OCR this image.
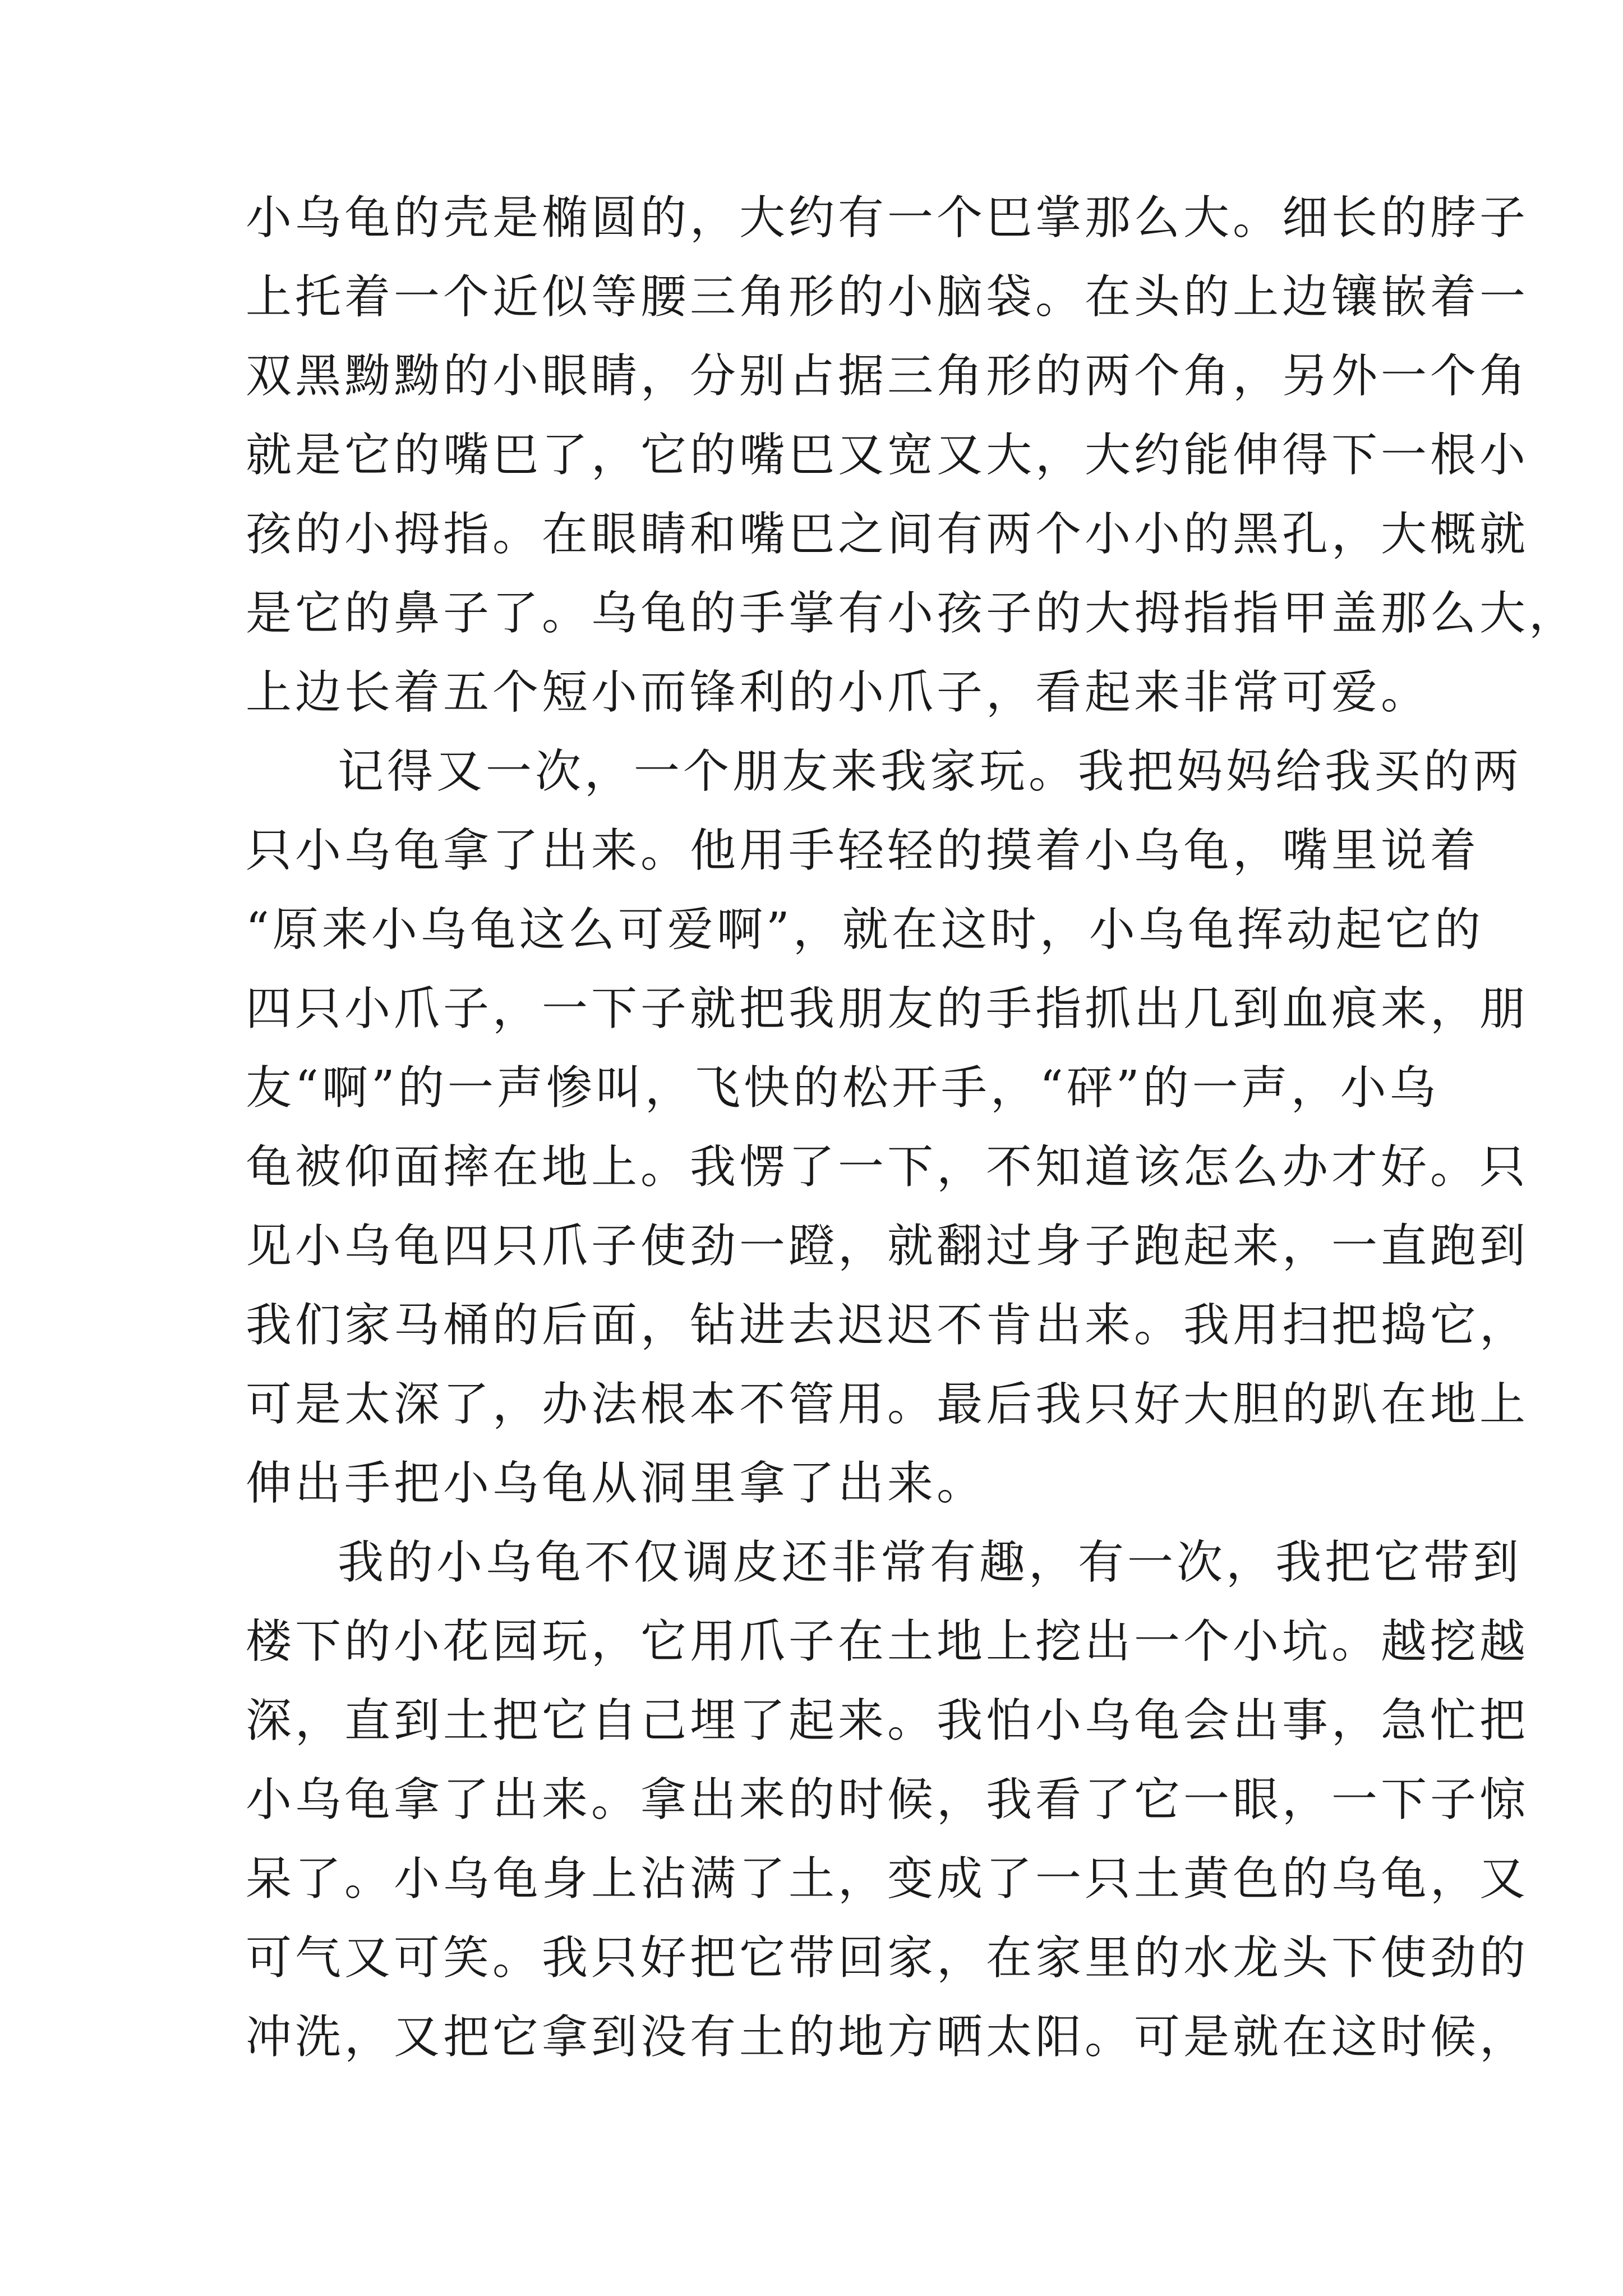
小乌龟的壳是椭圆的，大约有一个巴掌那么大。细长的脖子
上托着一个近似等腰三角形的小脑袋。在头的上边镶嵌着一
双黑黝黝的小眼睛，分别占据三角形的两个角，另外一个角
就是它的嘴巴了，它的嘴巴又宽又大，大约能伸得下一根小
孩的小拇指。在眼睛和嘴巴之间有两个小小的黑孔，大概就
是它的鼻子了。乌龟的手掌有小孩子的大拇指指甲盖那么大，
上边长着五个短小而锋利的小爪子，看起来非常可爱。
记得又一次，一个朋友来我家玩。我把妈妈给我买的两
只小乌龟拿了出来。他用手轻轻的摸着小乌龟，嘴里说着
“原来小乌龟这么可爱啊”，就在这时，小乌龟挥动起它的
四只小爪子，一下子就把我朋友的手指抓出几到血痕来，朋
友“啊”的一声惨叫，飞快的松开手，“砰”的一声，小乌
龟被仰面摔在地上。我愣了一下，不知道该怎么办才好。只
见小乌龟四只爪子使劲一蹬，就翻过身子跑起来，一直跑到
我们家马桶的后面，钻进去迟迟不肯出来。我用扫把捣它，
可是太深了，办法根本不管用。最后我只好大胆的趴在地上
伸出手把小乌龟从洞里拿了出来。
我的小乌龟不仅调皮还非常有趣，有一次，我把它带到
楼下的小花园玩，它用爪子在土地上挖出一个小坑。越挖越
深，直到土把它自己埋了起来。我怕小乌龟会出事，急忙把
小乌龟拿了出来。拿出来的时候，我看了它一眼，一下子惊
呆了。小乌龟身上沾满了土，变成了一只土黄色的乌龟，又
可气又可笑。我只好把它带回家，在家里的水龙头下使劲的
冲洗，又把它拿到没有土的地方晒太阳。可是就在这时候，
